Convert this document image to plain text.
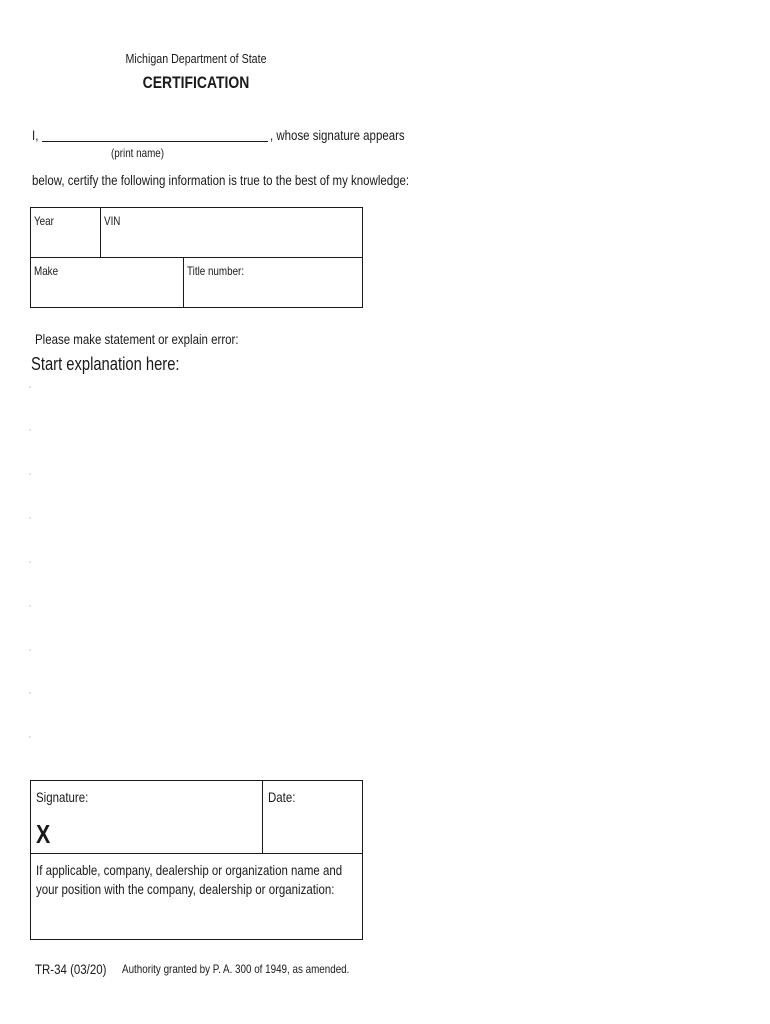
Michigan Department of State
CERTIFICATION
I,	, whose signature appears
(print name)
below, certify the following information is true to the best of my knowledge:
Year	VIN
Make	Title number:
Please make statement or explain error:
Start explanation here:
Signature:
X
Date:
If applicable, company, dealership or organization name and your position with the company, dealership or organization:
TR-34 (03/20) Authority granted by P. A. 300 of 1949, as amended.
